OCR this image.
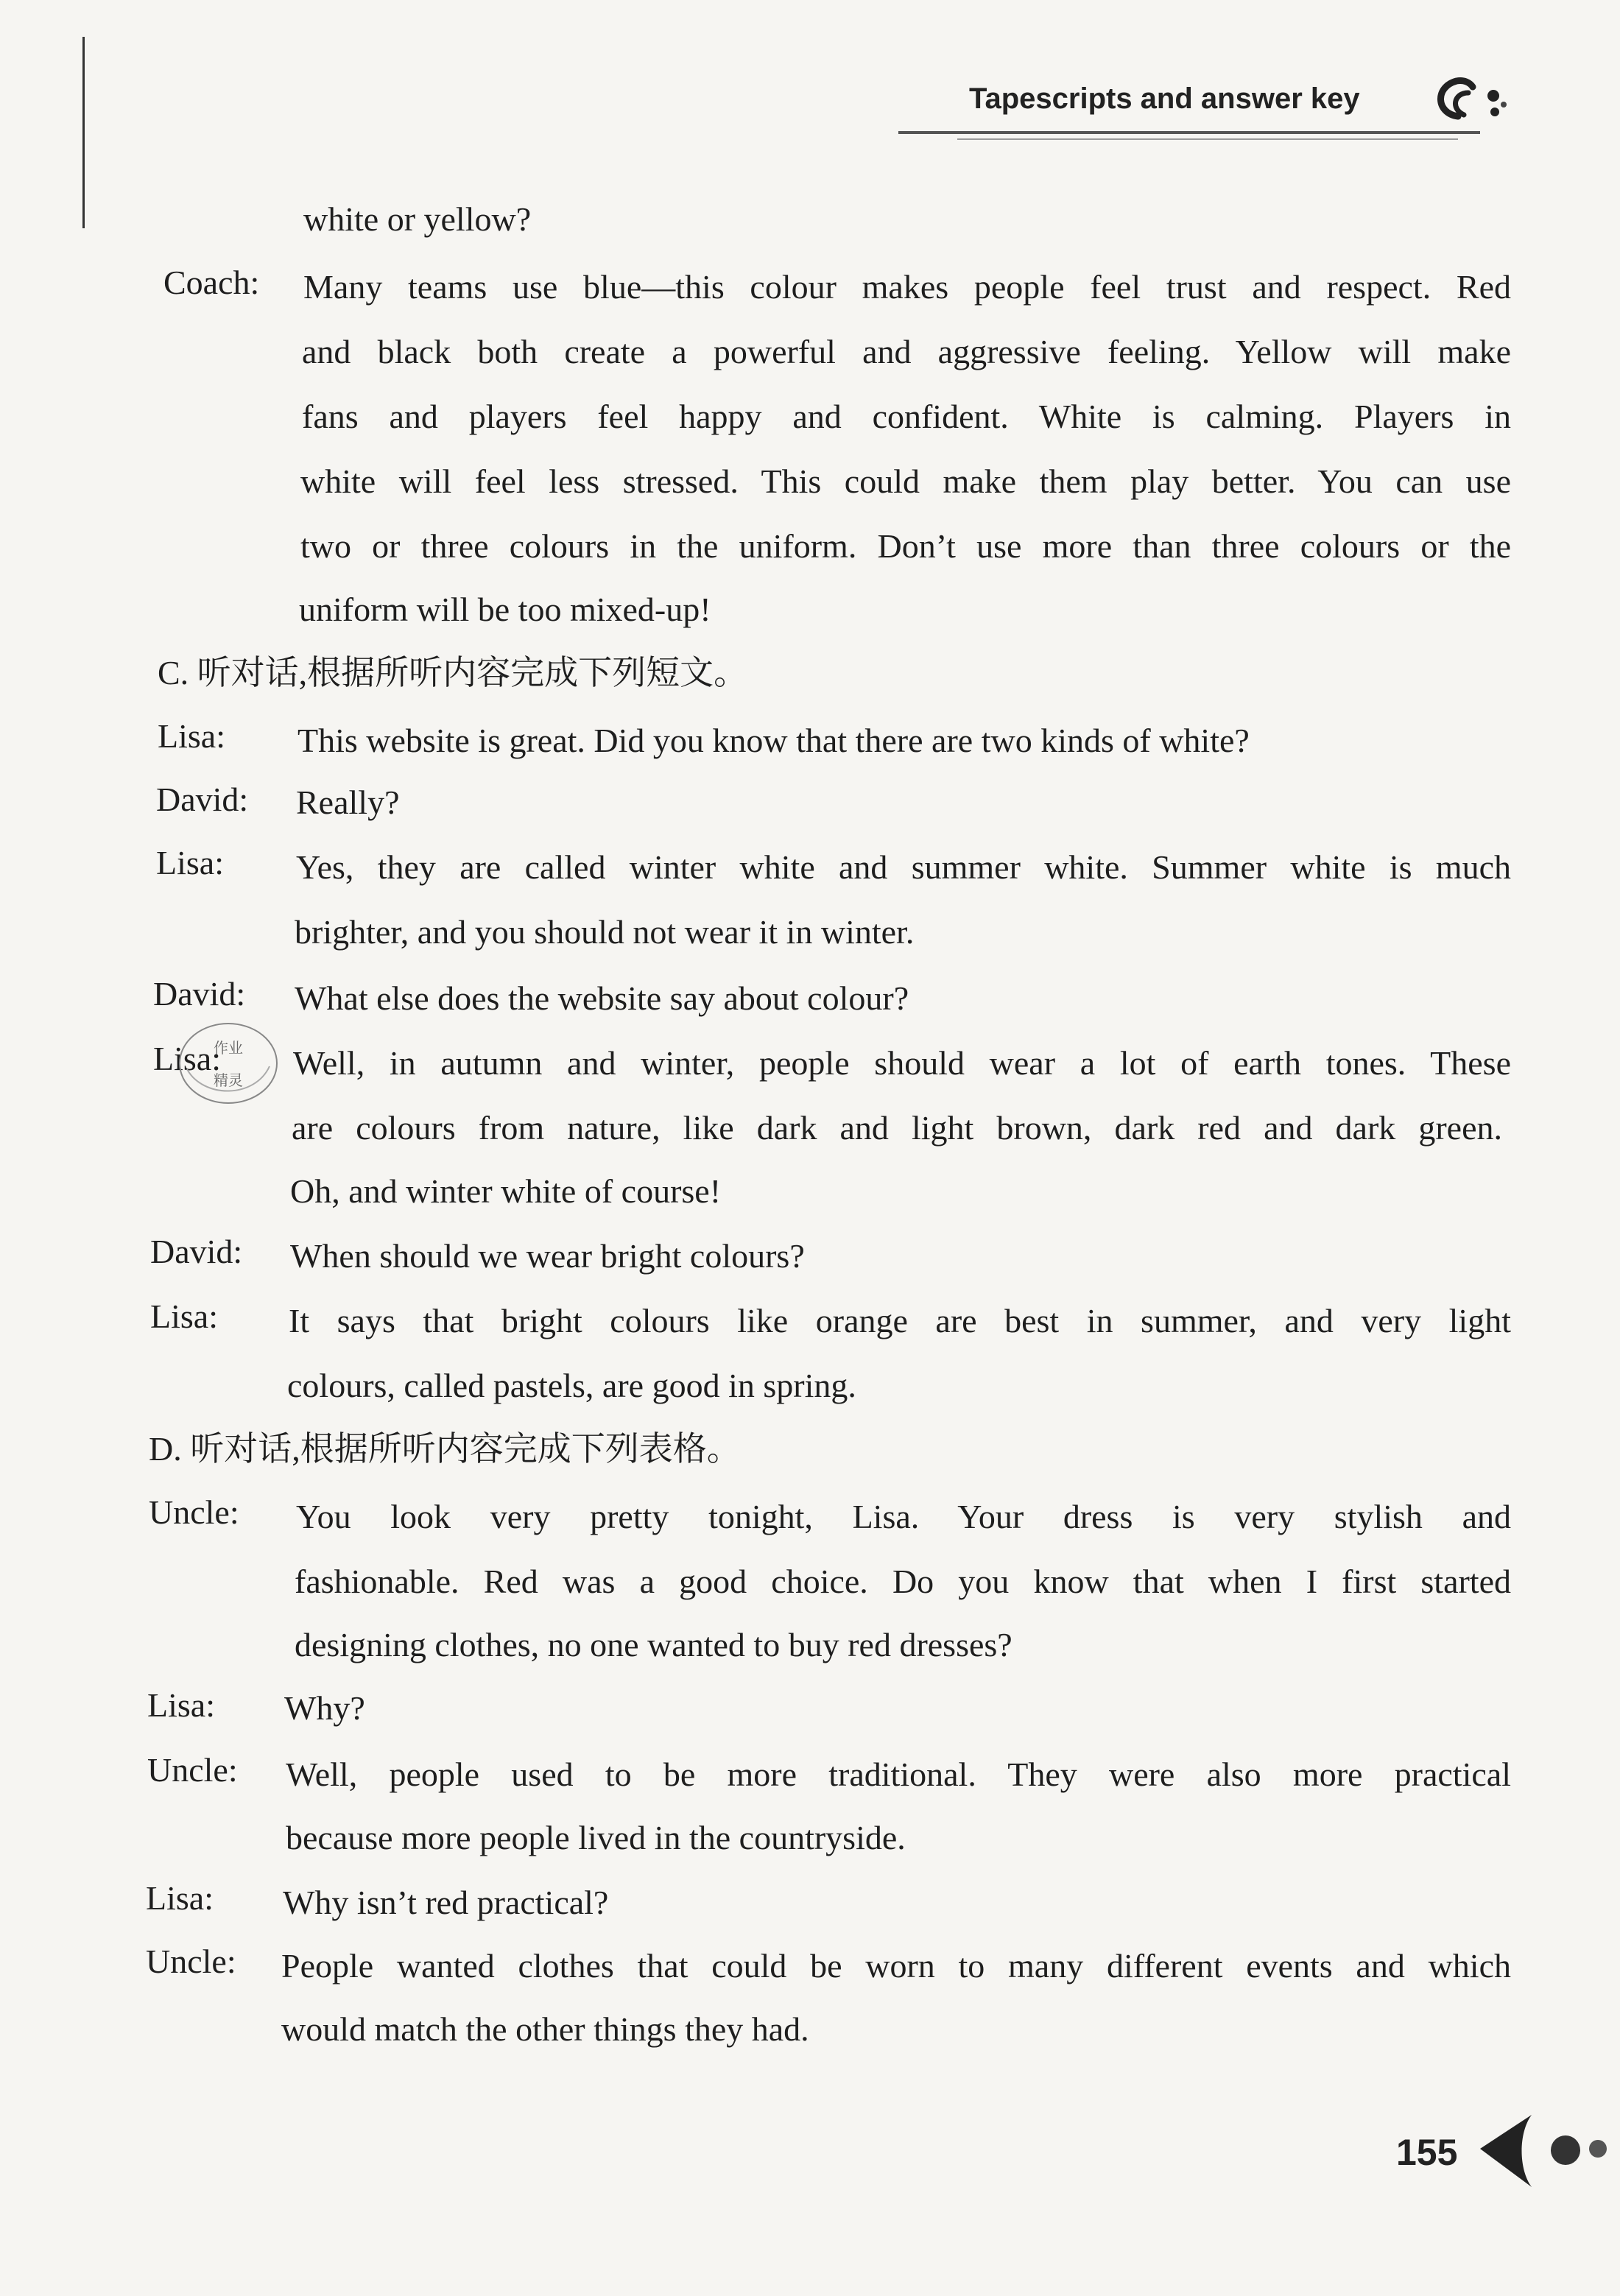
Tapescripts and answer key
white or yellow?
Coach: Many teams use blue—this colour makes people feel trust and respect. Red
and black both create a powerful and aggressive feeling. Yellow will make
fans and players feel happy and confident. White is calming. Players in
white will feel less stressed. This could make them play better. You can use
two or three colours in the uniform. Don’t use more than three colours or the
uniform will be too mixed-up!
C. 听对话,根据所听内容完成下列短文。
Lisa: This website is great. Did you know that there are two kinds of white?
David: Really?
Lisa: Yes, they are called winter white and summer white. Summer white is much
brighter, and you should not wear it in winter.
David: What else does the website say about colour?
Lisa: Well, in autumn and winter, people should wear a lot of earth tones. These
are colours from nature, like dark and light brown, dark red and dark green.
Oh, and winter white of course!
David: When should we wear bright colours?
Lisa: It says that bright colours like orange are best in summer, and very light
colours, called pastels, are good in spring.
D. 听对话,根据所听内容完成下列表格。
Uncle: You look very pretty tonight, Lisa. Your dress is very stylish and
fashionable. Red was a good choice. Do you know that when I first started
designing clothes, no one wanted to buy red dresses?
Lisa: Why?
Uncle: Well, people used to be more traditional. They were also more practical
because more people lived in the countryside.
Lisa: Why isn’t red practical?
Uncle: People wanted clothes that could be worn to many different events and which
would match the other things they had.
作业
精灵
155
